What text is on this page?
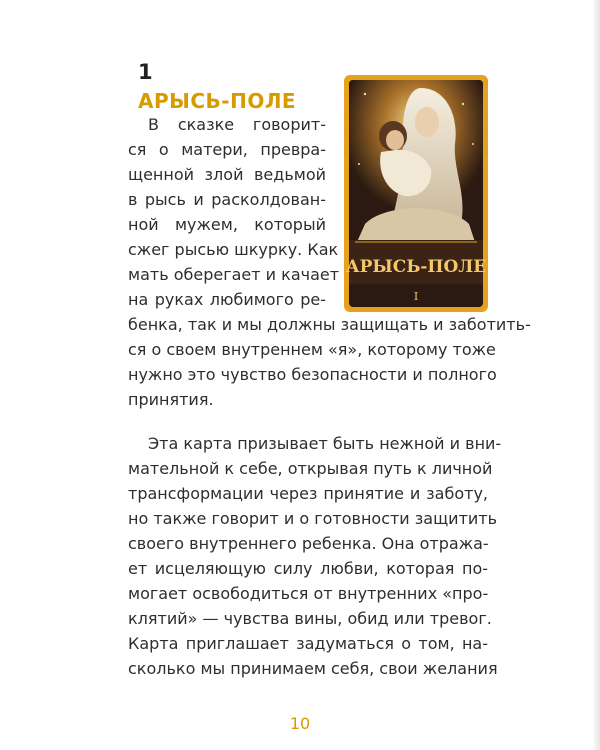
1
АРЫСЬ-ПОЛЕ
АРЫСЬ-ПОЛЕ
I
В сказке говорит-
ся о матери, превра-
щенной злой ведьмой
в рысь и расколдован-
ной мужем, который
сжег рысью шкурку. Как
мать оберегает и качает
на руках любимого ре-
бенка, так и мы должны защищать и заботить-
ся о своем внутреннем «я», которому тоже
нужно это чувство безопасности и полного
принятия.
Эта карта призывает быть нежной и вни-
мательной к себе, открывая путь к личной
трансформации через принятие и заботу,
но также говорит и о готовности защитить
своего внутреннего ребенка. Она отража-
ет исцеляющую силу любви, которая по-
могает освободиться от внутренних «про-
клятий» — чувства вины, обид или тревог.
Карта приглашает задуматься о том, на-
сколько мы принимаем себя, свои желания
10
